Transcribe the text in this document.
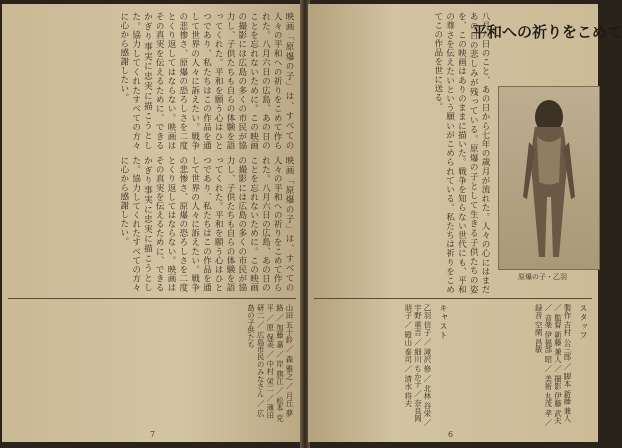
映画「原爆の子」は、すべての人々の平和への祈りをこめて作られた。八月六日の広島、あの日のことを忘れないために。この映画の撮影には広島の多くの市民が協力し、子供たちも自らの体験を語ってくれた。平和を願う心はひとつであり、私たちはこの作品を通して世界の人々に訴えたい。戦争の悲惨さ、原爆の恐ろしさを二度とくり返してはならない。映画はその真実を伝えるために、できるかぎり事実に忠実に描こうとした。協力してくれたすべての方々に心から感謝したい。
映画「原爆の子」は、すべての人々の平和への祈りをこめて作られた。八月六日の広島、あの日のことを忘れないために。この映画の撮影には広島の多くの市民が協力し、子供たちも自らの体験を語ってくれた。平和を願う心はひとつであり、私たちはこの作品を通して世界の人々に訴えたい。戦争の悲惨さ、原爆の恐ろしさを二度とくり返してはならない。映画はその真実を伝えるために、できるかぎり事実に忠実に描こうとした。協力してくれたすべての方々に心から感謝したい。
山田 五十鈴 ／ 森 雅之 ／ 月丘 夢路 ／ 加藤 嘉 ／ 岸 旗江 ／ 松本 克平 ／ 原 保美 ／ 中村 栄二 ／ 薄田 研二 ／ 広島市民のみなさん ／ 広島の子供たち
7
平和への祈りをこめて
八月六日のこと、あの日から七年の歳月が流れた。人々の心にはまだあの日の悲しみが残っている。原爆の子として生きる子供たちの姿を、この映画はありのままに描いた。戦争を知らない世代にも、平和の尊さを伝えたいという願いがこめられている。私たちは祈りをこめてこの作品を世に送る。
原爆の子・乙羽
スタッフ
製作 吉村 公三郎 ／ 脚本 新藤 兼人 ／ 監督 新藤 兼人 ／ 撮影 伊藤 武夫 ／ 音楽 伊福部 昭 ／ 美術 丸茂 孝 ／ 録音 空閑 昌敏
キャスト
乙羽 信子 ／ 滝沢 修 ／ 北林 谷栄 ／ 宇野 重吉 ／ 細川 ちか子 ／ 奈良岡 朋子 ／ 殿山 泰司 ／ 清水 将夫
6
